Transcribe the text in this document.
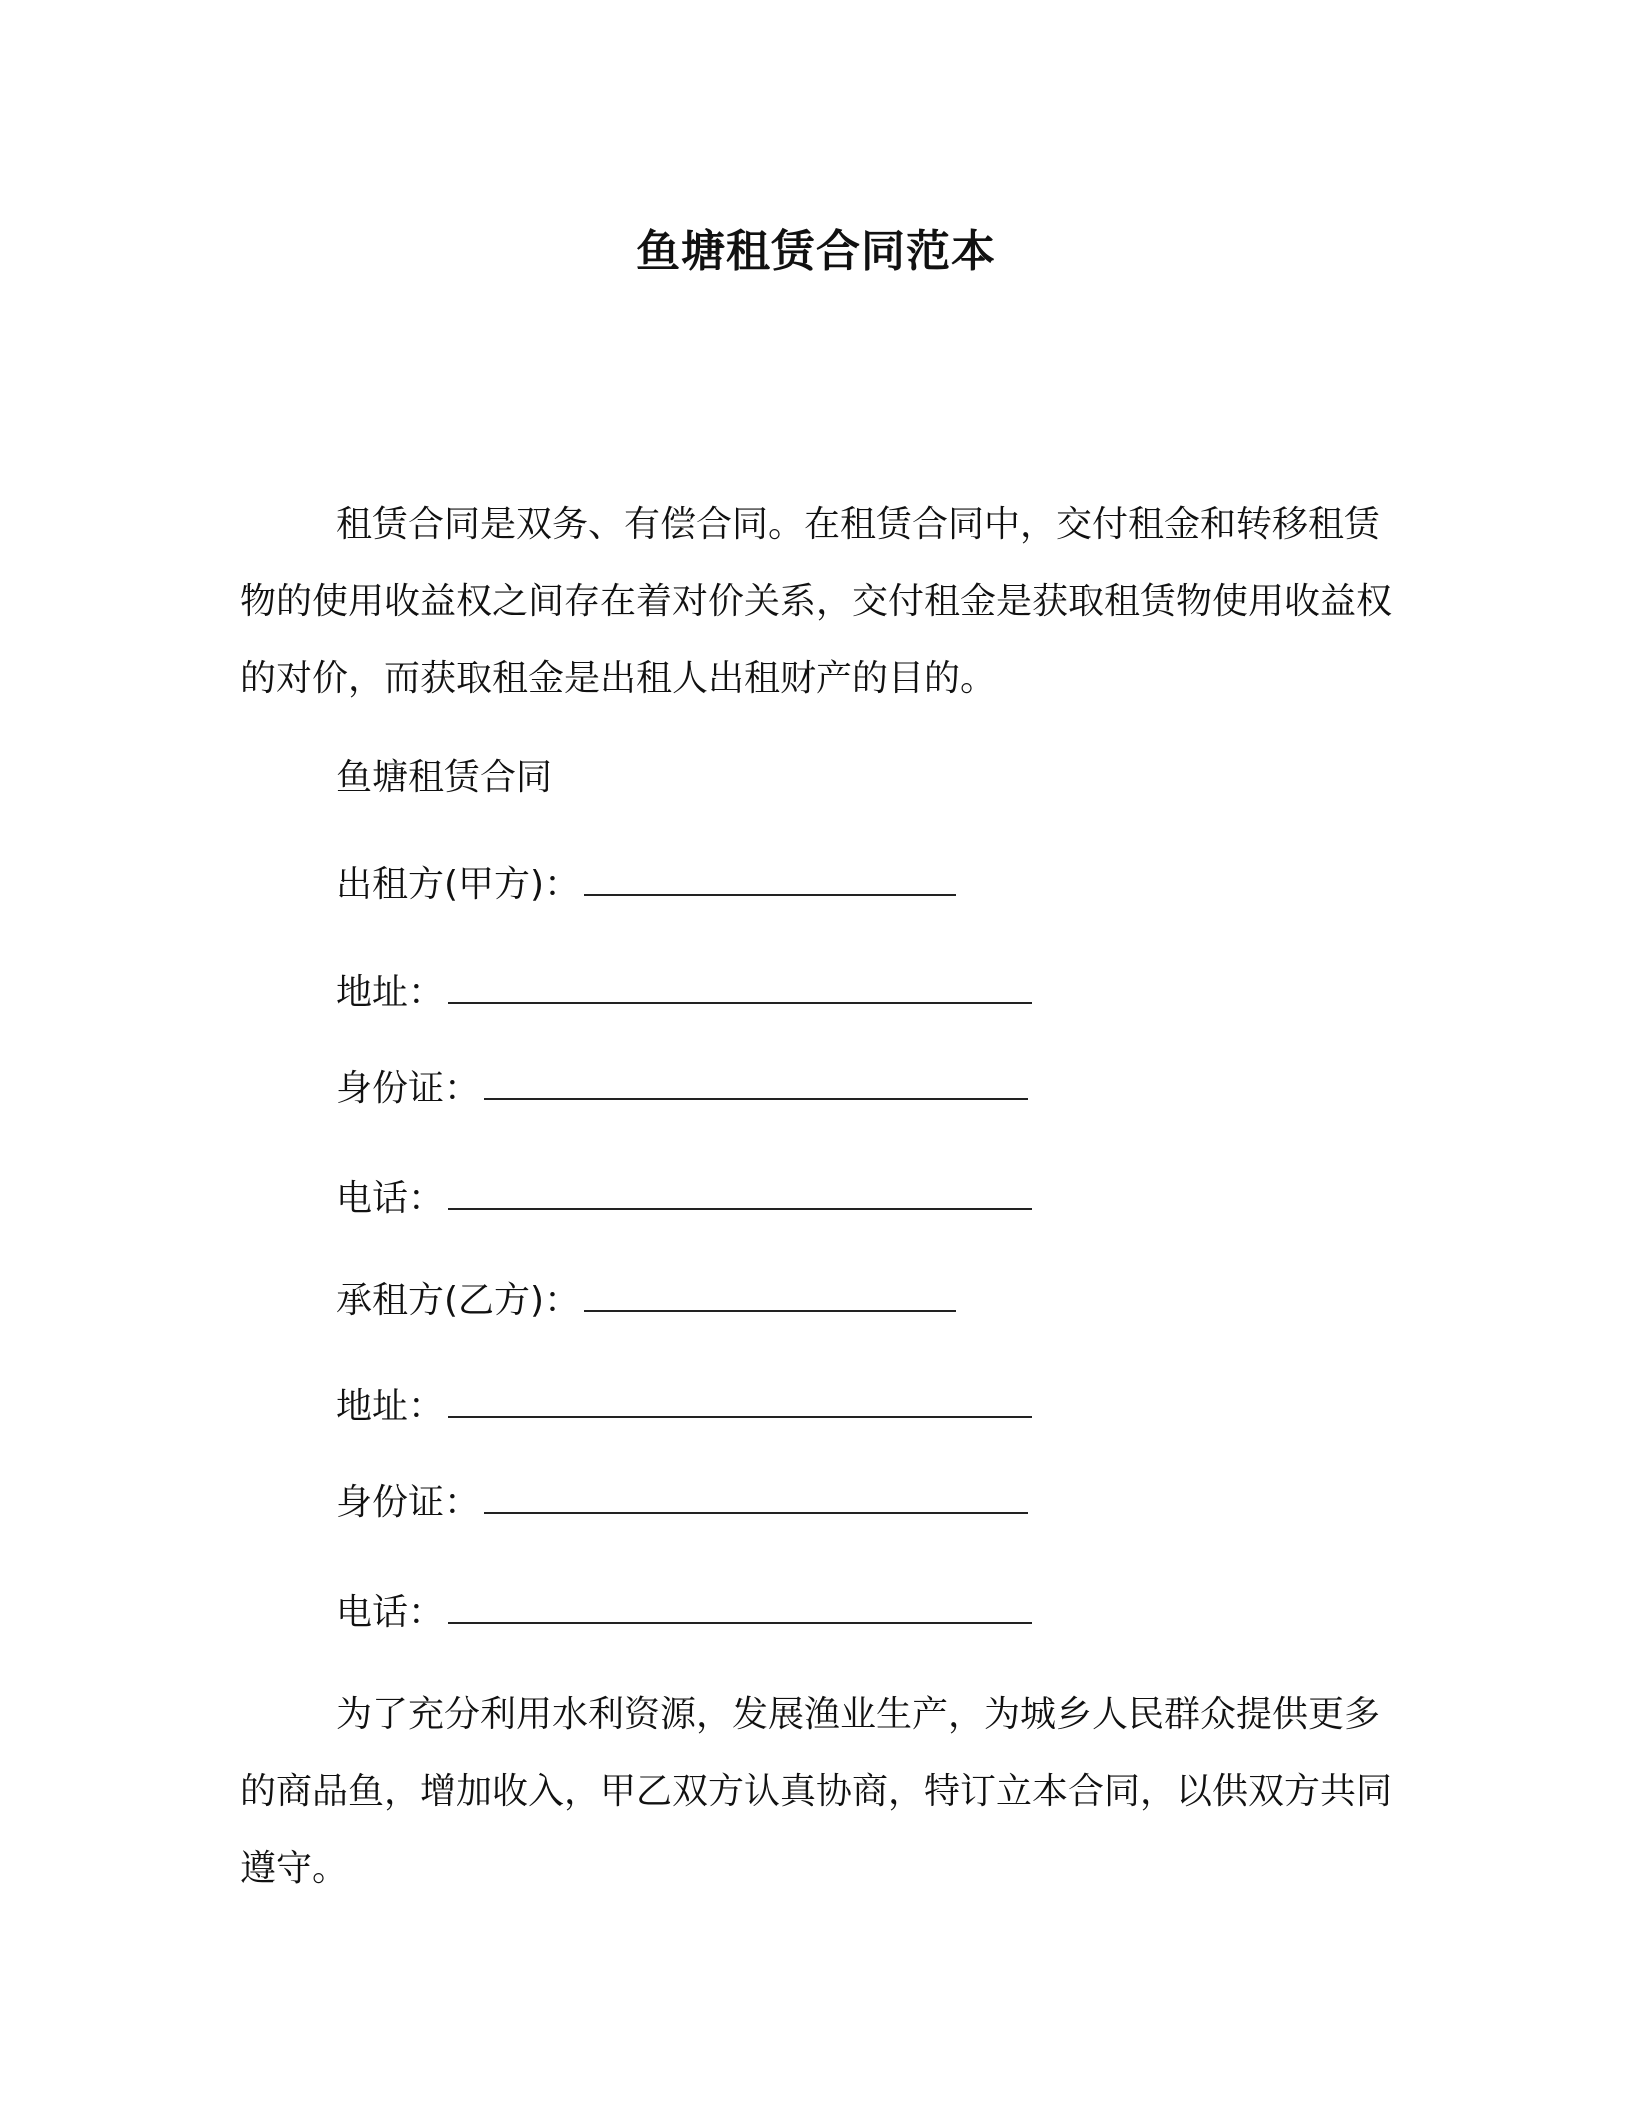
鱼塘租赁合同范本
租赁合同是双务、有偿合同。在租赁合同中，交付租金和转移租赁物的使用收益权之间存在着对价关系，交付租金是获取租赁物使用收益权的对价，而获取租金是出租人出租财产的目的。
鱼塘租赁合同
出租方(甲方)：
地址：
身份证：
电话：
承租方(乙方)：
地址：
身份证：
电话：
为了充分利用水利资源，发展渔业生产，为城乡人民群众提供更多的商品鱼，增加收入，甲乙双方认真协商，特订立本合同，以供双方共同遵守。
